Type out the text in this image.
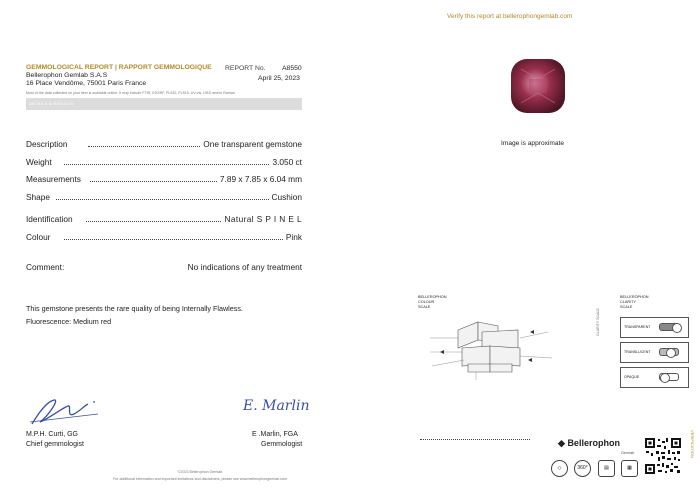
Verify this report at bellerophongemlab.com
GEMMOLOGICAL REPORT | RAPPORT GEMMOLOGIQUE
Bellerophon Gemlab S.A.S
16 Place Vendôme, 75001 Paris France
Most of the data collected on your item is available online. It may include FTIR, EDXRF, PL532, PL515, UV-vis, LIBS and/or Raman
REPORT No. A8550
April 25, 2023
DETAILS & RESULTS
Description	One transparent gemstone
Weight	3.050 ct
Measurements	7.89 x 7.85 x 6.04 mm
Shape	Cushion
Identification	Natural S P I N E L
Colour	Pink
Comment:	No indications of any treatment
This gemstone presents the rare quality of being Internally Flawless.
Fluorescence: Medium red
Image is approximate
BELLEROPHON
COLOUR
SCALE
BELLEROPHON
CLARITY
SCALE
CLARITY SCALE	TRANSPARENT
TRANSLUCENT
OPAQUE
E. Marlin
M.P.H. Curti, GG
Chief gemmologist
E .Marlin, FGA
Gemmologist
©2023 Bellerophon Gemlab
For additional information and important limitations and disclaimers, please see www.bellerophongemlab.com
◆ Bellerophon
Gemlab
◇	360°	▤	▦
VERIFICATION
